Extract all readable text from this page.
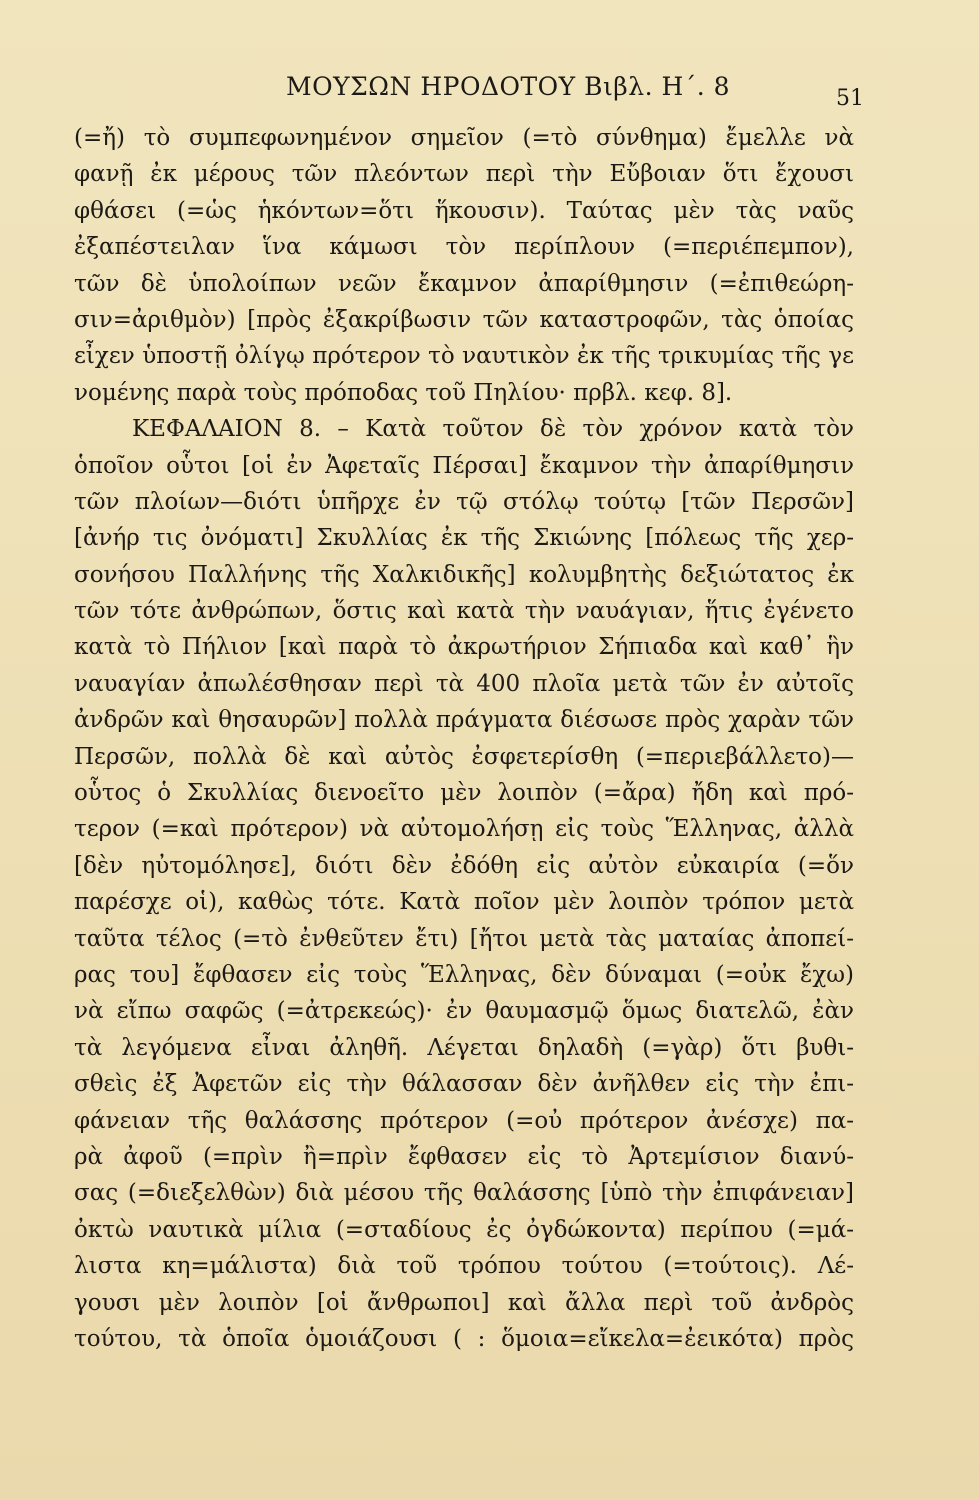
ΜΟΥΣΩΝ ΗΡΟΔΟΤΟΥ Βιβλ. Η΄. 8	51
(=ἤ) τὸ συμπεφωνημένον σημεῖον (=τὸ σύνθημα) ἔμελλε νὰ
φανῇ ἐκ μέρους τῶν πλεόντων περὶ τὴν Εὔβοιαν ὅτι ἔχουσι
φθάσει (=ὡς ἡκόντων=ὅτι ἥκουσιν). Ταύτας μὲν τὰς ναῦς
ἐξαπέστειλαν ἵνα κάμωσι τὸν περίπλουν (=περιέπεμπον),
τῶν δὲ ὑπολοίπων νεῶν ἔκαμνον ἀπαρίθμησιν (=ἐπιθεώρη-
σιν=ἀριθμὸν) [πρὸς ἐξακρίβωσιν τῶν καταστροφῶν, τὰς ὁποίας
εἶχεν ὑποστῇ ὀλίγῳ πρότερον τὸ ναυτικὸν ἐκ τῆς τρικυμίας τῆς γε
νομένης παρὰ τοὺς πρόποδας τοῦ Πηλίου· πρβλ. κεφ. 8].
ΚΕΦΑΛΑΙΟΝ 8. – Κατὰ τοῦτον δὲ τὸν χρόνον κατὰ τὸν
ὁποῖον οὗτοι [οἱ ἐν Ἀφεταῖς Πέρσαι] ἔκαμνον τὴν ἀπαρίθμησιν
τῶν πλοίων—διότι ὑπῆρχε ἐν τῷ στόλῳ τούτῳ [τῶν Περσῶν]
[ἀνήρ τις ὀνόματι] Σκυλλίας ἐκ τῆς Σκιώνης [πόλεως τῆς χερ-
σονήσου Παλλήνης τῆς Χαλκιδικῆς] κολυμβητὴς δεξιώτατος ἐκ
τῶν τότε ἀνθρώπων, ὅστις καὶ κατὰ τὴν ναυάγιαν, ἥτις ἐγένετο
κατὰ τὸ Πήλιον [καὶ παρὰ τὸ ἀκρωτήριον Σήπιαδα καὶ καθ᾽ ἣν
ναυαγίαν ἀπωλέσθησαν περὶ τὰ 400 πλοῖα μετὰ τῶν ἐν αὐτοῖς
ἀνδρῶν καὶ θησαυρῶν] πολλὰ πράγματα διέσωσε πρὸς χαρὰν τῶν
Περσῶν, πολλὰ δὲ καὶ αὐτὸς ἐσφετερίσθη (=περιεβάλλετο)—
οὗτος ὁ Σκυλλίας διενοεῖτο μὲν λοιπὸν (=ἄρα) ἤδη καὶ πρό-
τερον (=καὶ πρότερον) νὰ αὐτομολήσῃ εἰς τοὺς Ἕλληνας, ἀλλὰ
[δὲν ηὐτομόλησε], διότι δὲν ἐδόθη εἰς αὐτὸν εὐκαιρία (=ὅν
παρέσχε οἱ), καθὼς τότε. Κατὰ ποῖον μὲν λοιπὸν τρόπον μετὰ
ταῦτα τέλος (=τὸ ἐνθεῦτεν ἔτι) [ἤτοι μετὰ τὰς ματαίας ἀποπεί-
ρας του] ἔφθασεν εἰς τοὺς Ἕλληνας, δὲν δύναμαι (=οὐκ ἔχω)
νὰ εἴπω σαφῶς (=ἀτρεκεώς)· ἐν θαυμασμῷ ὅμως διατελῶ, ἐὰν
τὰ λεγόμενα εἶναι ἀληθῆ. Λέγεται δηλαδὴ (=γὰρ) ὅτι βυθι-
σθεὶς ἐξ Ἀφετῶν εἰς τὴν θάλασσαν δὲν ἀνῆλθεν εἰς τὴν ἐπι-
φάνειαν τῆς θαλάσσης πρότερον (=οὐ πρότερον ἀνέσχε) πα-
ρὰ ἀφοῦ (=πρὶν ἢ=πρὶν ἔφθασεν εἰς τὸ Ἀρτεμίσιον διανύ-
σας (=διεξελθὼν) διὰ μέσου τῆς θαλάσσης [ὑπὸ τὴν ἐπιφάνειαν]
ὀκτὼ ναυτικὰ μίλια (=σταδίους ἐς ὀγδώκοντα) περίπου (=μά-
λιστα κη=μάλιστα) διὰ τοῦ τρόπου τούτου (=τούτοις). Λέ-
γουσι μὲν λοιπὸν [οἱ ἄνθρωποι] καὶ ἄλλα περὶ τοῦ ἀνδρὸς
τούτου, τὰ ὁποῖα ὁμοιάζουσι ( : ὅμοια=εἴκελα=ἐεικότα) πρὸς
